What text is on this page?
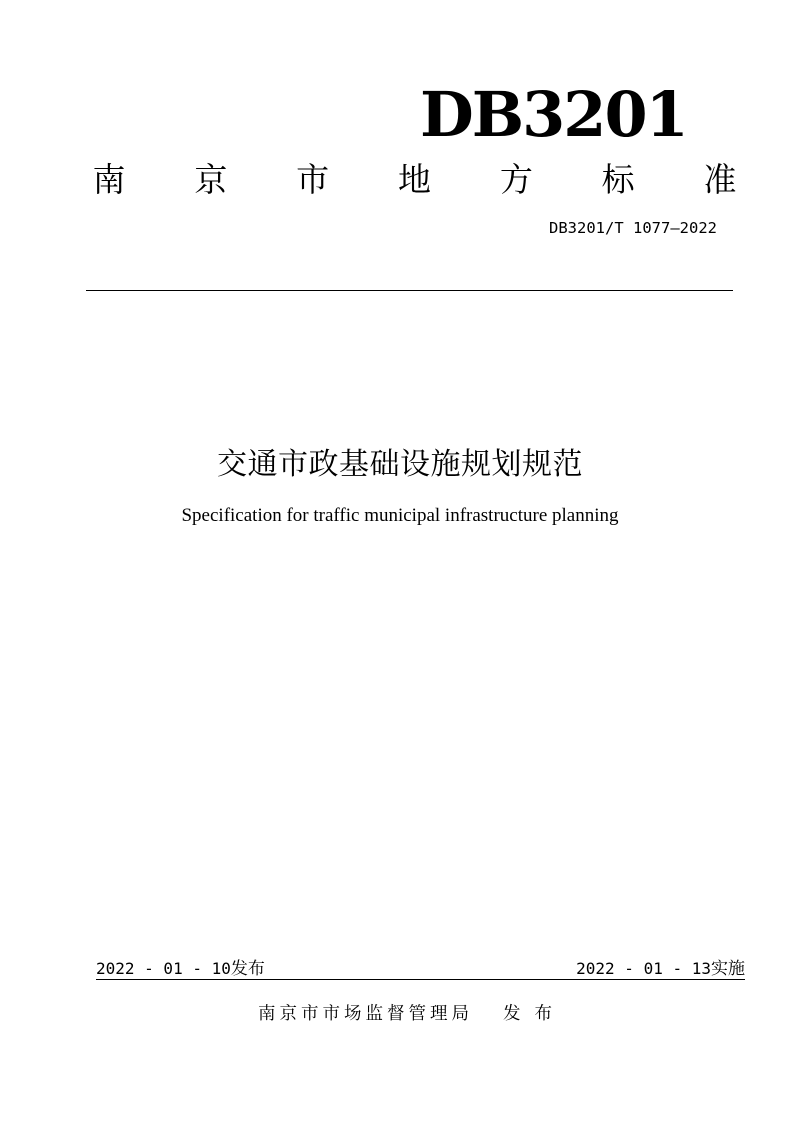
DB3201
南 京 市 地 方 标 准
DB3201/T 1077—2022
交通市政基础设施规划规范
Specification for traffic municipal infrastructure planning
2022 - 01 - 10发布	2022 - 01 - 13实施
南京市市场监督管理局 发布
